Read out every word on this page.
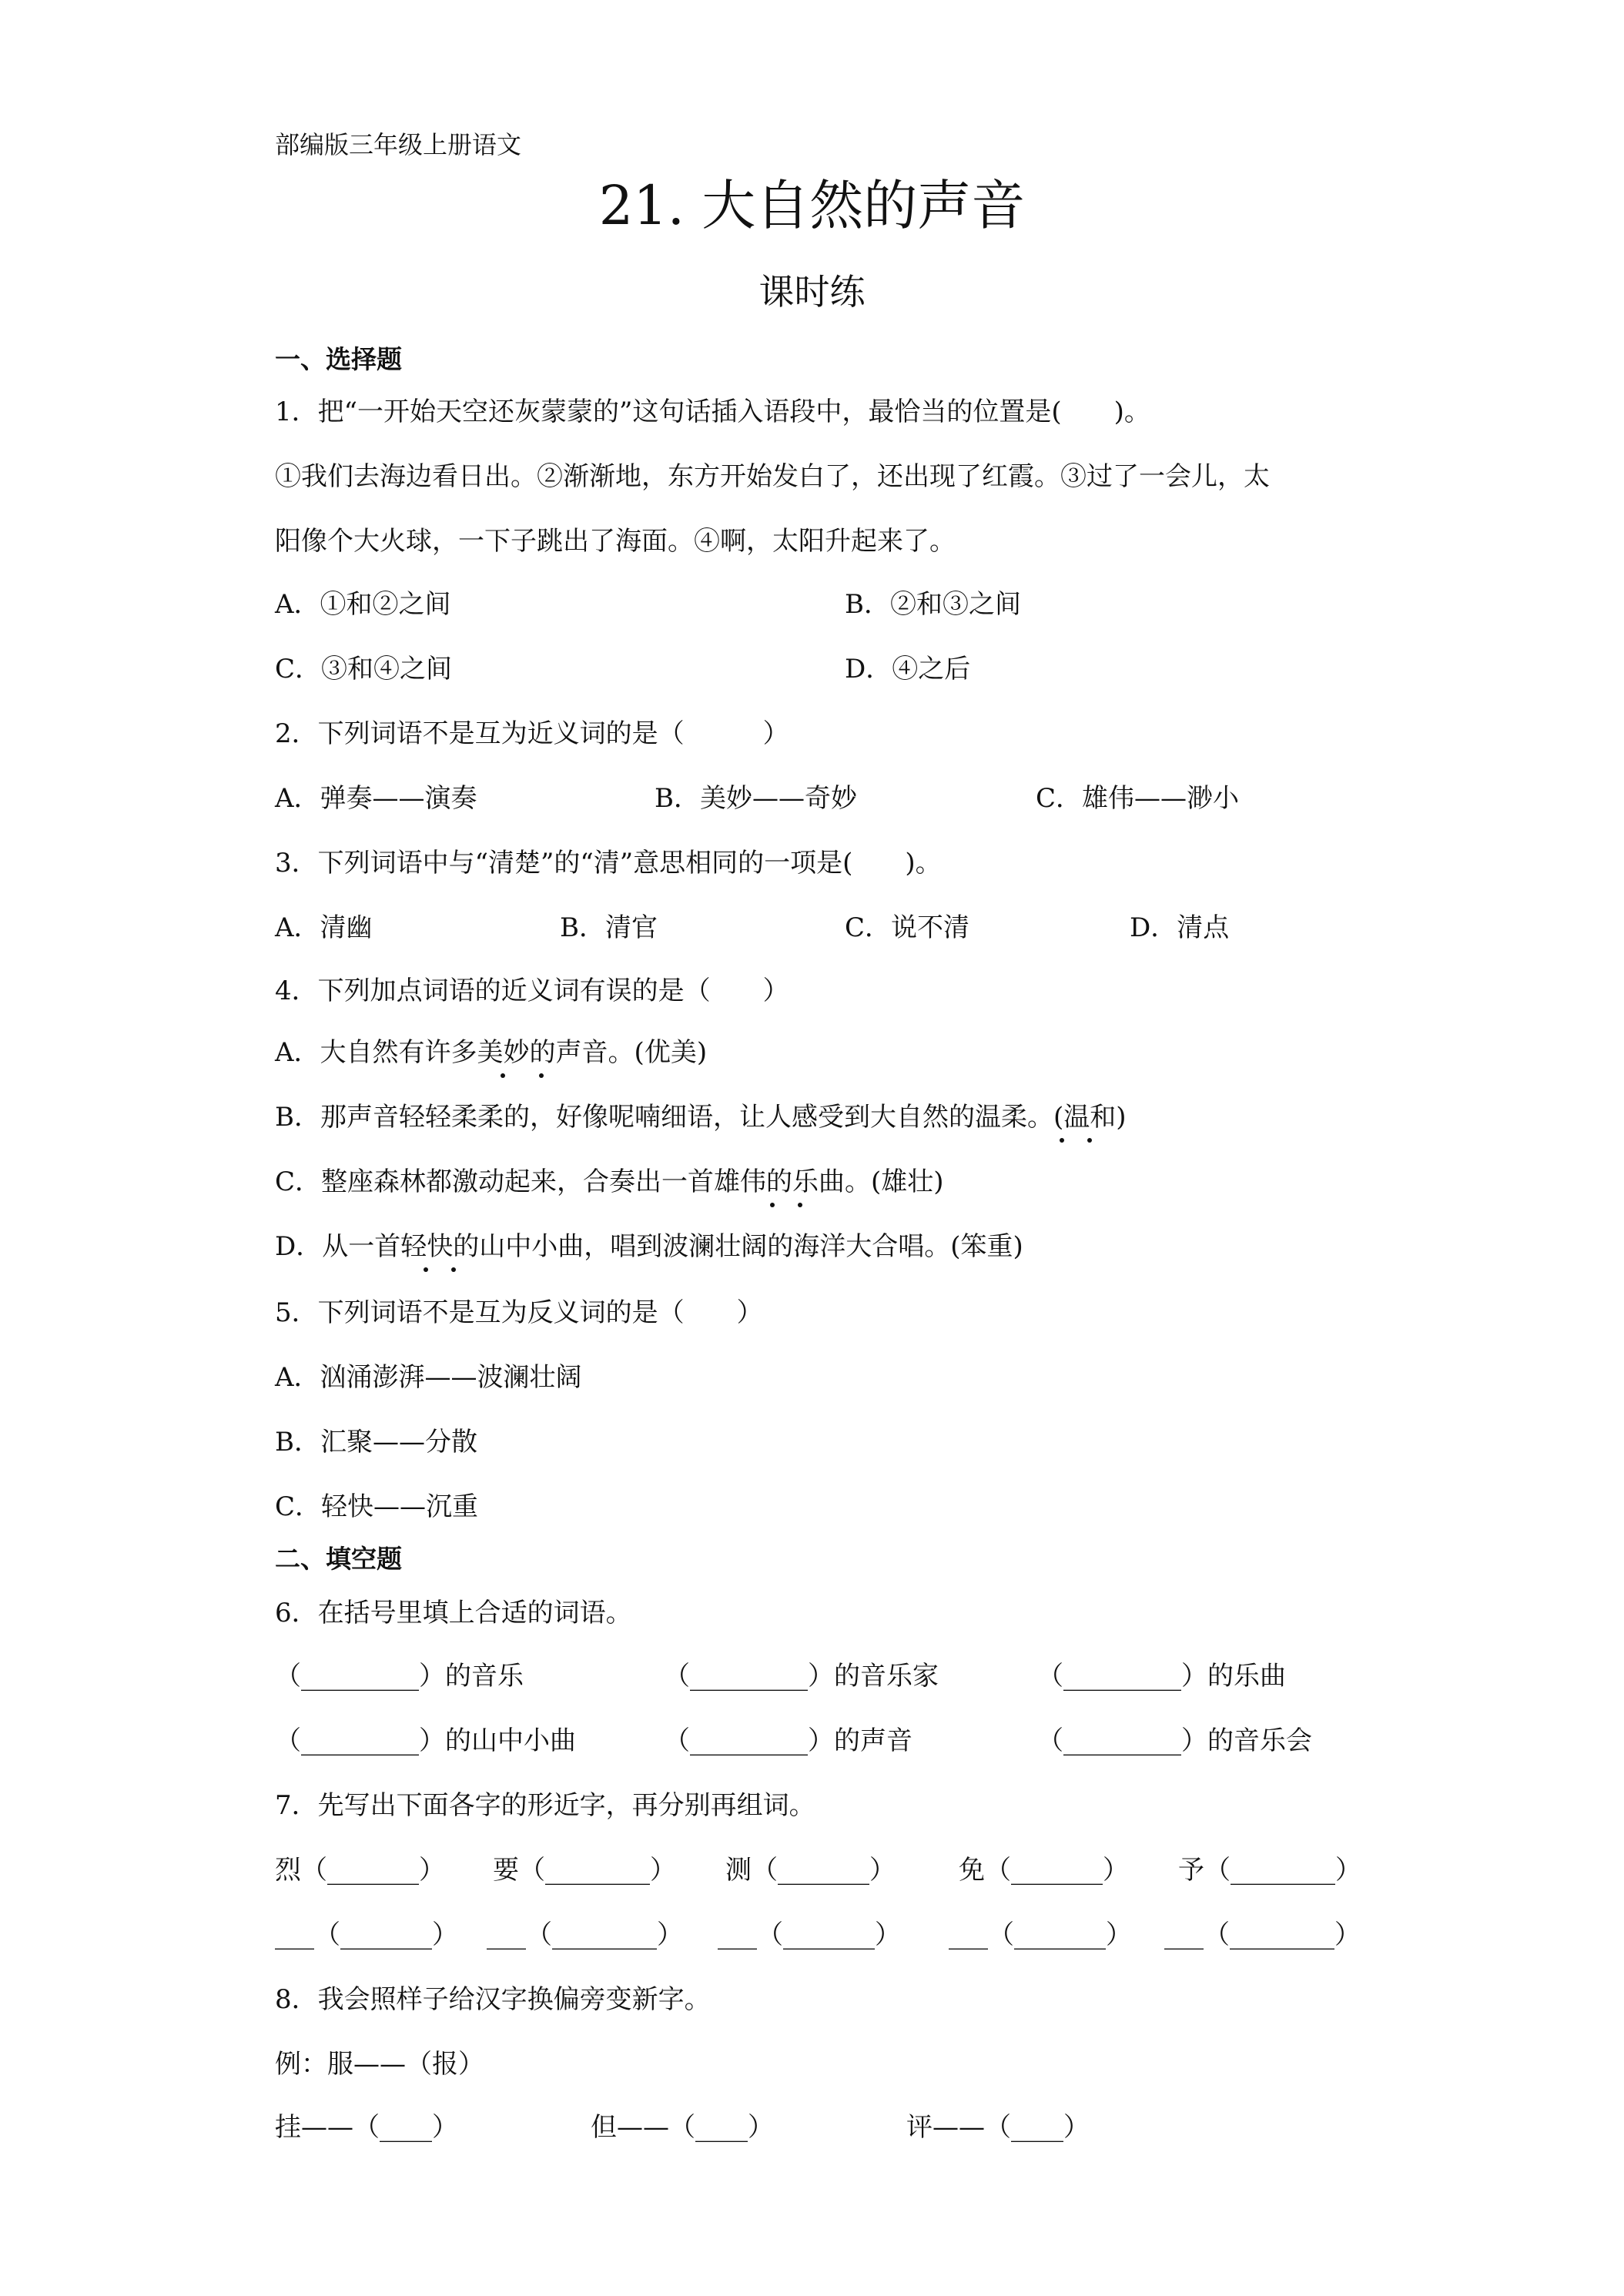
部编版三年级上册语文
21. 大自然的声音
课时练
一、选择题
1．把“一开始天空还灰蒙蒙的”这句话插入语段中，最恰当的位置是(　　)。
①我们去海边看日出。②渐渐地，东方开始发白了，还出现了红霞。③过了一会儿，太
阳像个大火球，一下子跳出了海面。④啊，太阳升起来了。
A．①和②之间	B．②和③之间
C．③和④之间	D．④之后
2．下列词语不是互为近义词的是（　　　）
A．弹奏——演奏	B．美妙——奇妙	C．雄伟——渺小
3．下列词语中与“清楚”的“清”意思相同的一项是(　　)。
A．清幽	B．清官	C．说不清	D．清点
4．下列加点词语的近义词有误的是（　　）
A．大自然有许多美妙的声音。(优美)
B．那声音轻轻柔柔的，好像呢喃细语，让人感受到大自然的温柔。(温和)
C．整座森林都激动起来，合奏出一首雄伟的乐曲。(雄壮)
D．从一首轻快的山中小曲，唱到波澜壮阔的海洋大合唱。(笨重)
5．下列词语不是互为反义词的是（　　）
A．汹涌澎湃——波澜壮阔
B．汇聚——分散
C．轻快——沉重
二、填空题
6．在括号里填上合适的词语。
（_________）的音乐	（_________）的音乐家	（_________）的乐曲
（_________）的山中小曲	（_________）的声音	（_________）的音乐会
7．先写出下面各字的形近字，再分别再组词。
烈（_______） 要（________） 测（_______） 免（_______） 予（________）
___（_______） ___（________） ___（_______） ___（_______） ___（________）
8．我会照样子给汉字换偏旁变新字。
例：服——（报）
挂——（____）	但——（____）	评——（____）
